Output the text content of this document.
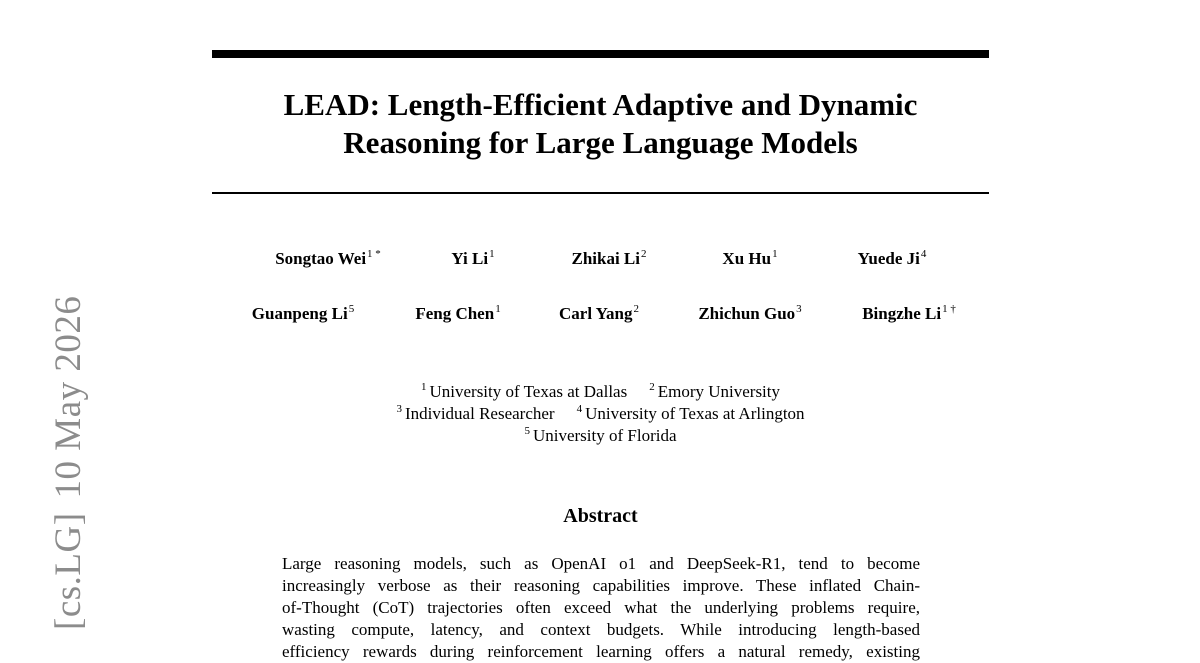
LEAD: Length-Efficient Adaptive and Dynamic
Reasoning for Large Language Models
Songtao Wei$^{1 *}$	Yi Li$^1$	Zhikai Li$^2$	Xu Hu$^1$	Yuede Ji$^4$
Guanpeng Li$^5$	Feng Chen$^1$	Carl Yang$^2$	Zhichun Guo$^3$	Bingzhe $Li^{1 \dagger}$
$^1$ University of Texas at Dallas $^2$ Emory University
$^3$ Individual Researcher $^4$ University of Texas at Arlington
$^5$ University of Florida
Abstract
Large reasoning models, such as OpenAI o1 and DeepSeek-R1, tend to become
increasingly verbose as their reasoning capabilities improve. These inflated Chain-
of-Thought (CoT) trajectories often exceed what the underlying problems require,
wasting compute, latency, and context budgets. While introducing length-based
efficiency rewards during reinforcement learning offers a natural remedy, existing
[cs.LG]10 May 2026
